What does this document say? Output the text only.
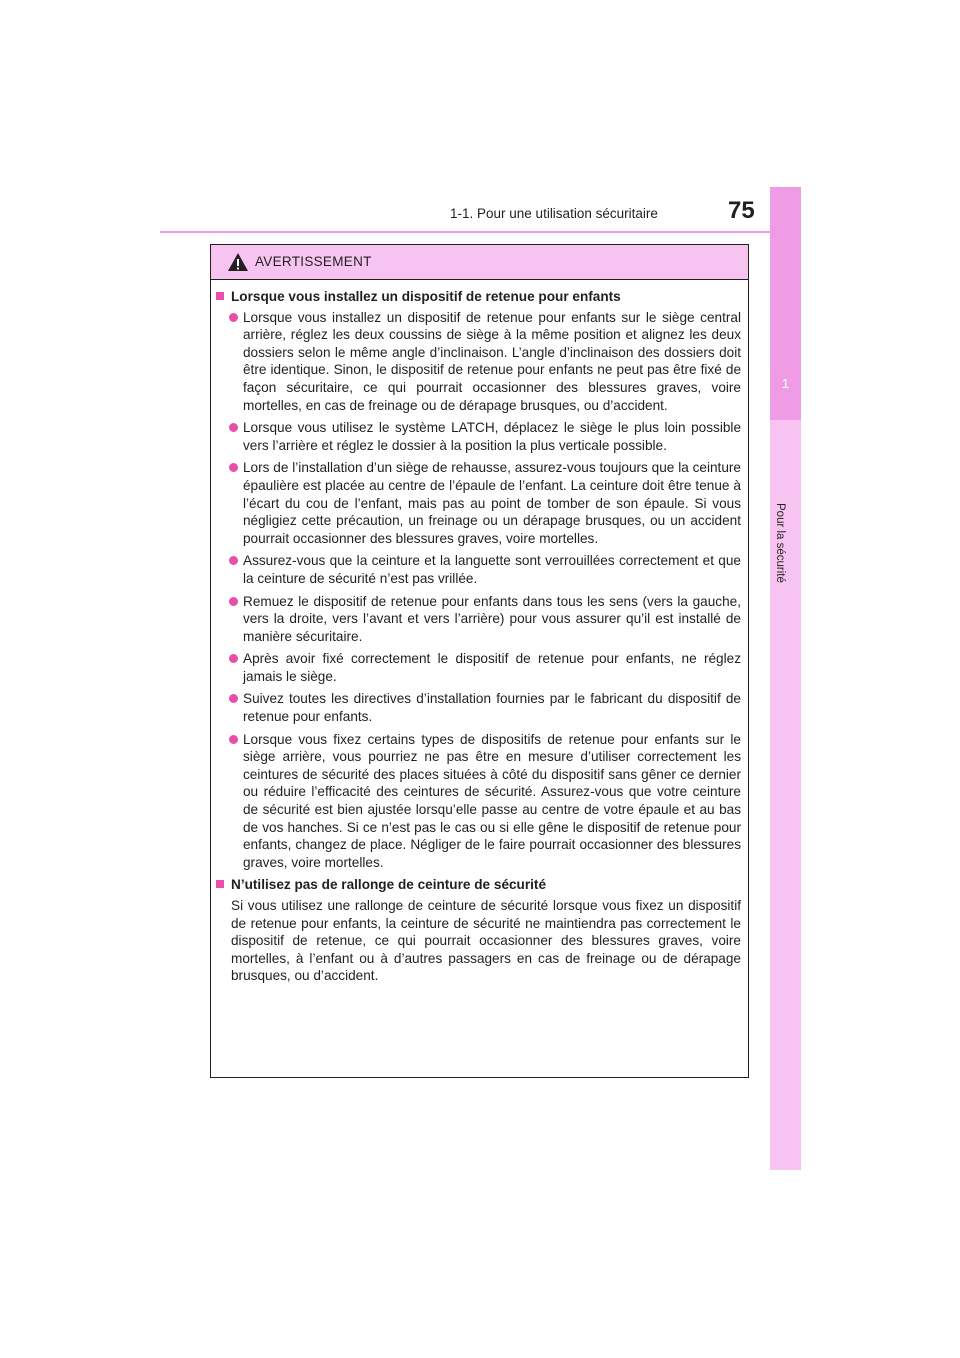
1
Pour la sécurité
1-1. Pour une utilisation sécuritaire	75
AVERTISSEMENT
Lorsque vous installez un dispositif de retenue pour enfants
Lorsque vous installez un dispositif de retenue pour enfants sur le siège central arrière, réglez les deux coussins de siège à la même position et alignez les deux dossiers selon le même angle d’inclinaison. L’angle d’inclinaison des dossiers doit être identique. Sinon, le dispositif de retenue pour enfants ne peut pas être fixé de façon sécuritaire, ce qui pourrait occasionner des blessures graves, voire mortelles, en cas de freinage ou de dérapage brusques, ou d’accident.
Lorsque vous utilisez le système LATCH, déplacez le siège le plus loin possible vers l’arrière et réglez le dossier à la position la plus verticale possible.
Lors de l’installation d’un siège de rehausse, assurez-vous toujours que la ceinture épaulière est placée au centre de l’épaule de l’enfant. La ceinture doit être tenue à l’écart du cou de l’enfant, mais pas au point de tomber de son épaule. Si vous négligiez cette précaution, un freinage ou un dérapage brusques, ou un accident pourrait occasionner des blessures graves, voire mortelles.
Assurez-vous que la ceinture et la languette sont verrouillées correctement et que la ceinture de sécurité n’est pas vrillée.
Remuez le dispositif de retenue pour enfants dans tous les sens (vers la gauche, vers la droite, vers l’avant et vers l’arrière) pour vous assurer qu’il est installé de manière sécuritaire.
Après avoir fixé correctement le dispositif de retenue pour enfants, ne réglez jamais le siège.
Suivez toutes les directives d’installation fournies par le fabricant du dispositif de retenue pour enfants.
Lorsque vous fixez certains types de dispositifs de retenue pour enfants sur le siège arrière, vous pourriez ne pas être en mesure d’utiliser correctement les ceintures de sécurité des places situées à côté du dispositif sans gêner ce dernier ou réduire l’efficacité des ceintures de sécurité. Assurez-vous que votre ceinture de sécurité est bien ajustée lorsqu’elle passe au centre de votre épaule et au bas de vos hanches. Si ce n’est pas le cas ou si elle gêne le dispositif de retenue pour enfants, changez de place. Négliger de le faire pourrait occasionner des blessures graves, voire mortelles.
N’utilisez pas de rallonge de ceinture de sécurité
Si vous utilisez une rallonge de ceinture de sécurité lorsque vous fixez un dispositif de retenue pour enfants, la ceinture de sécurité ne maintiendra pas correctement le dispositif de retenue, ce qui pourrait occasionner des blessures graves, voire mortelles, à l’enfant ou à d’autres passagers en cas de freinage ou de dérapage brusques, ou d’accident.
